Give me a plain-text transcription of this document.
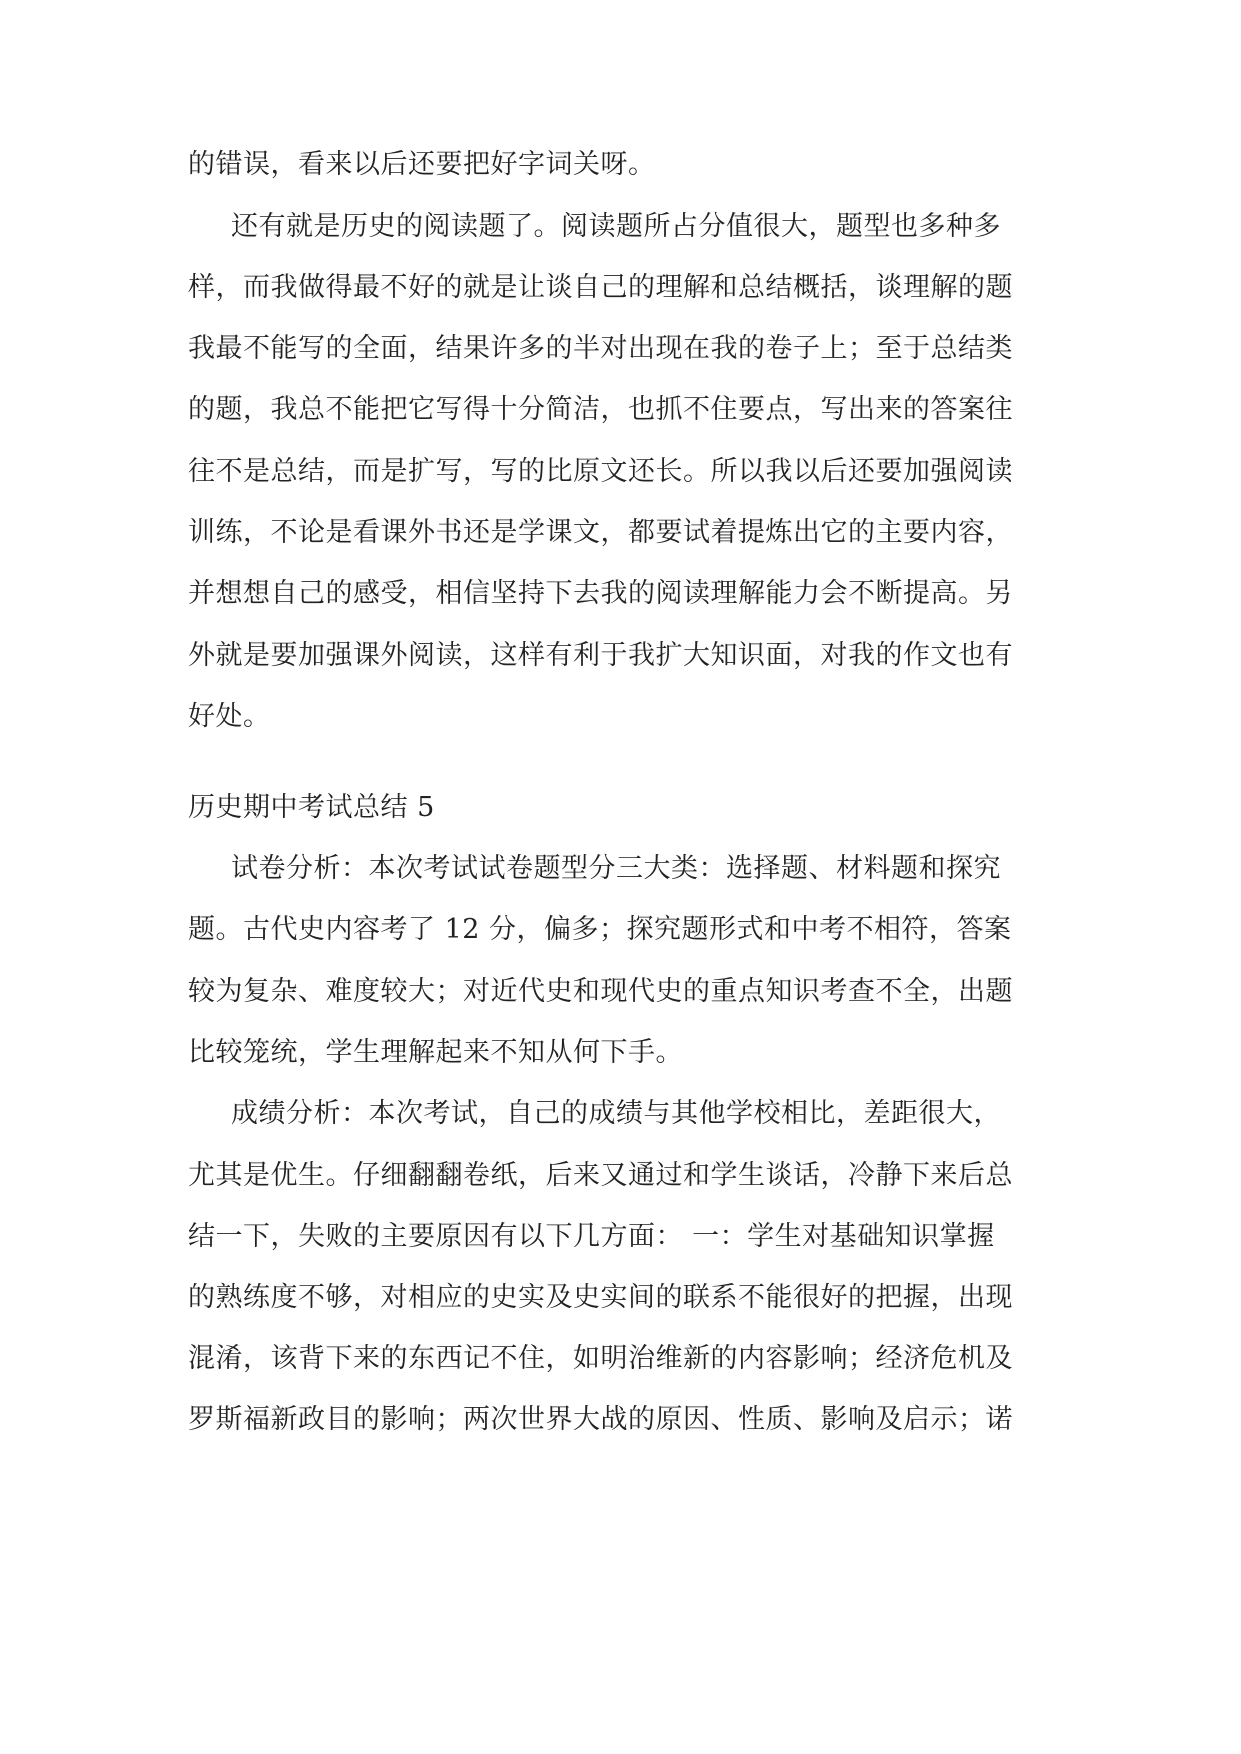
的错误，看来以后还要把好字词关呀。
还有就是历史的阅读题了。阅读题所占分值很大，题型也多种多
样，而我做得最不好的就是让谈自己的理解和总结概括，谈理解的题
我最不能写的全面，结果许多的半对出现在我的卷子上；至于总结类
的题，我总不能把它写得十分简洁，也抓不住要点，写出来的答案往
往不是总结，而是扩写，写的比原文还长。所以我以后还要加强阅读
训练，不论是看课外书还是学课文，都要试着提炼出它的主要内容，
并想想自己的感受，相信坚持下去我的阅读理解能力会不断提高。另
外就是要加强课外阅读，这样有利于我扩大知识面，对我的作文也有
好处。
历史期中考试总结 5
试卷分析：本次考试试卷题型分三大类：选择题、材料题和探究
题。古代史内容考了 12 分，偏多；探究题形式和中考不相符，答案
较为复杂、难度较大；对近代史和现代史的重点知识考查不全，出题
比较笼统，学生理解起来不知从何下手。
成绩分析：本次考试，自己的成绩与其他学校相比，差距很大，
尤其是优生。仔细翻翻卷纸，后来又通过和学生谈话，冷静下来后总
结一下，失败的主要原因有以下几方面： 一：学生对基础知识掌握
的熟练度不够，对相应的史实及史实间的联系不能很好的把握，出现
混淆，该背下来的东西记不住，如明治维新的内容影响；经济危机及
罗斯福新政目的影响；两次世界大战的原因、性质、影响及启示；诺
